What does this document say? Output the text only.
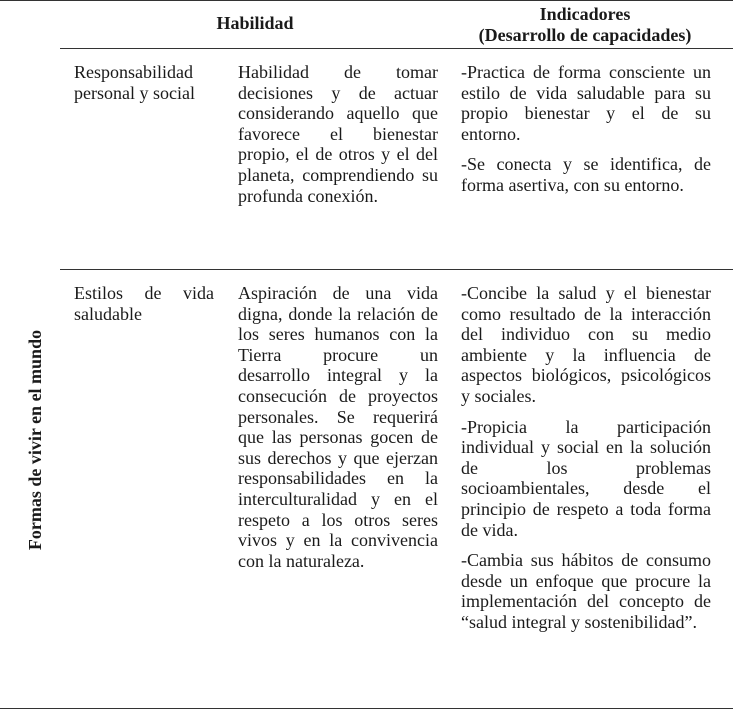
Habilidad	Indicadores
(Desarrollo de capacidades)
Formas de vivir en el mundo
Responsabilidad personal y social
Habilidad de tomar decisiones y de actuar considerando aquello que favorece el bienestar propio, el de otros y el del planeta, comprendiendo su profunda conexión.

-Practica de forma consciente un estilo de vida saludable para su propio bienestar y el de su entorno.

-Se conecta y se identifica, de forma asertiva, con su entorno.

Estilos de vida saludable
Aspiración de una vida digna, donde la relación de los seres humanos con la Tierra procure un desarrollo integral y la consecución de proyectos personales. Se requerirá que las personas gocen de sus derechos y que ejerzan responsabilidades en la interculturalidad y en el respeto a los otros seres vivos y en la convivencia con la naturaleza.

-Concibe la salud y el bienestar como resultado de la interacción del individuo con su medio ambiente y la influencia de aspectos biológicos, psicológicos y sociales.

-Propicia la participación individual y social en la solución de los problemas socioambientales, desde el principio de respeto a toda forma de vida.

-Cambia sus hábitos de consumo desde un enfoque que procure la implementación del concepto de “salud integral y sostenibilidad”.
